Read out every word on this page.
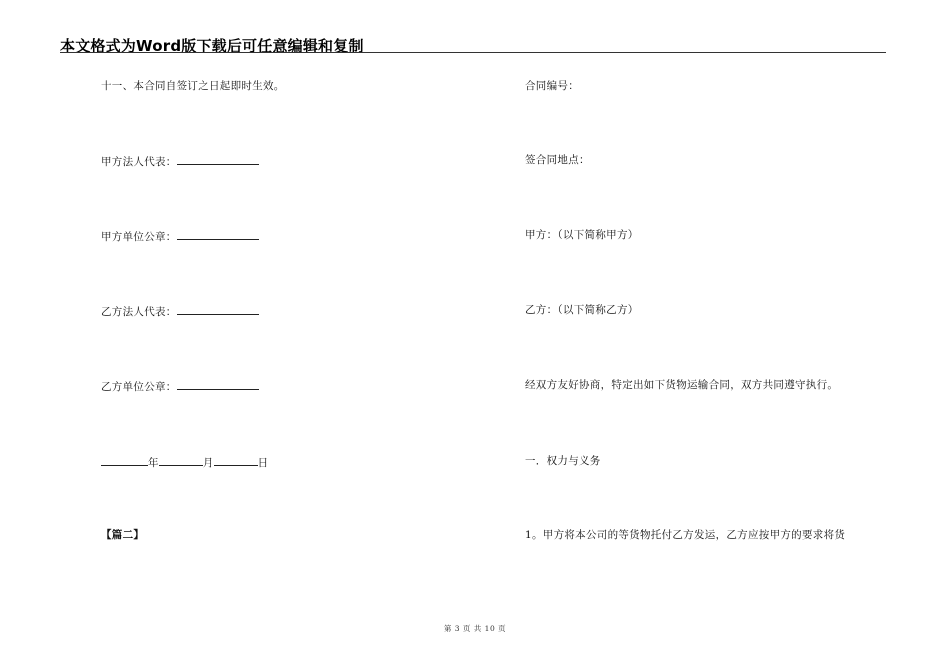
本文格式为Word版下载后可任意编辑和复制
十一、本合同自签订之日起即时生效。
甲方法人代表：
甲方单位公章：
乙方法人代表：
乙方单位公章：
年	月	日
【篇二】
合同编号：
签合同地点：
甲方：（以下简称甲方）
乙方：（以下简称乙方）
经双方友好协商，特定出如下货物运输合同，双方共同遵守执行。
一．权力与义务
1。甲方将本公司的等货物托付乙方发运，乙方应按甲方的要求将货
第 3 页 共 10 页
